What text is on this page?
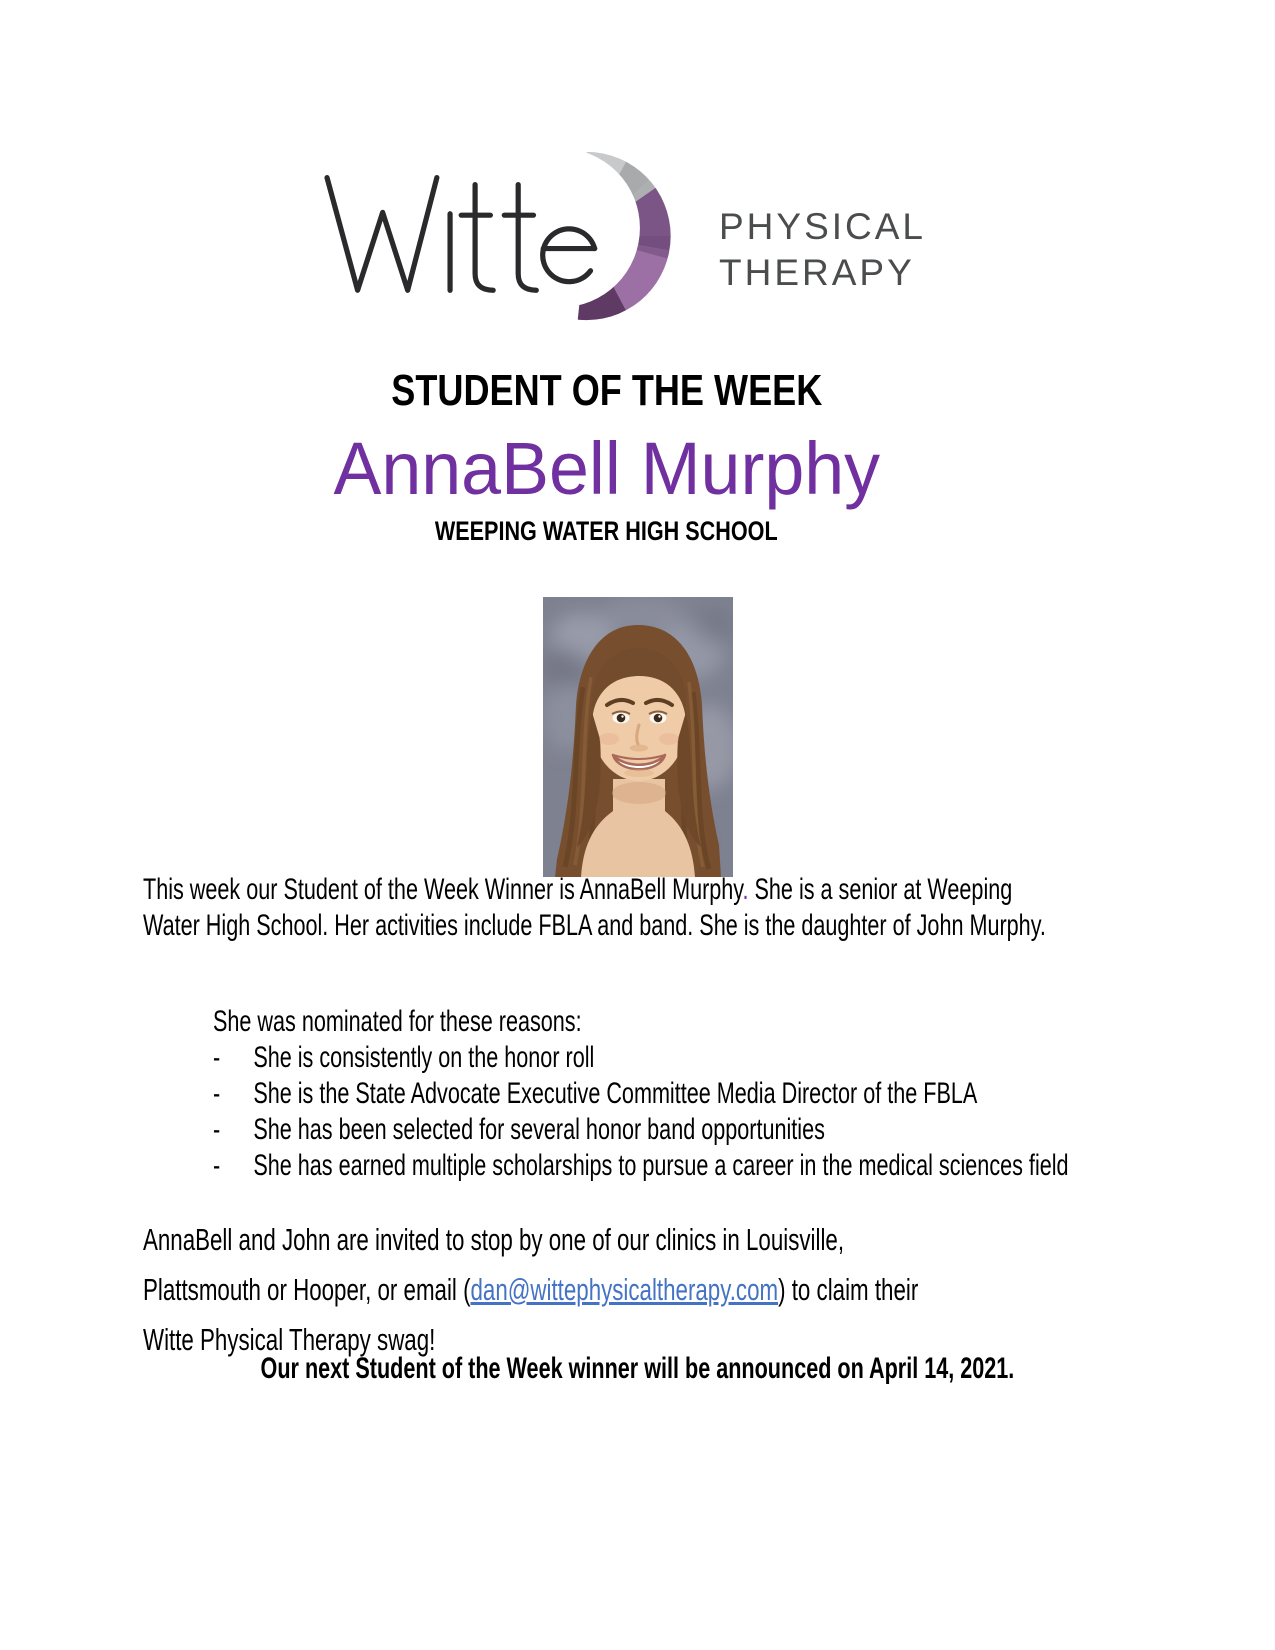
PHYSICAL
THERAPY
STUDENT OF THE WEEK
AnnaBell Murphy
WEEPING WATER HIGH SCHOOL
This week our Student of the Week Winner is AnnaBell Murphy. She is a senior at Weeping
Water High School. Her activities include FBLA and band. She is the daughter of John Murphy.
She was nominated for these reasons:
-	She is consistently on the honor roll
-	She is the State Advocate Executive Committee Media Director of the FBLA
-	She has been selected for several honor band opportunities
-	She has earned multiple scholarships to pursue a career in the medical sciences field
AnnaBell and John are invited to stop by one of our clinics in Louisville,
Plattsmouth or Hooper, or email (dan@wittephysicaltherapy.com) to claim their
Witte Physical Therapy swag!
Our next Student of the Week winner will be announced on April 14, 2021.
